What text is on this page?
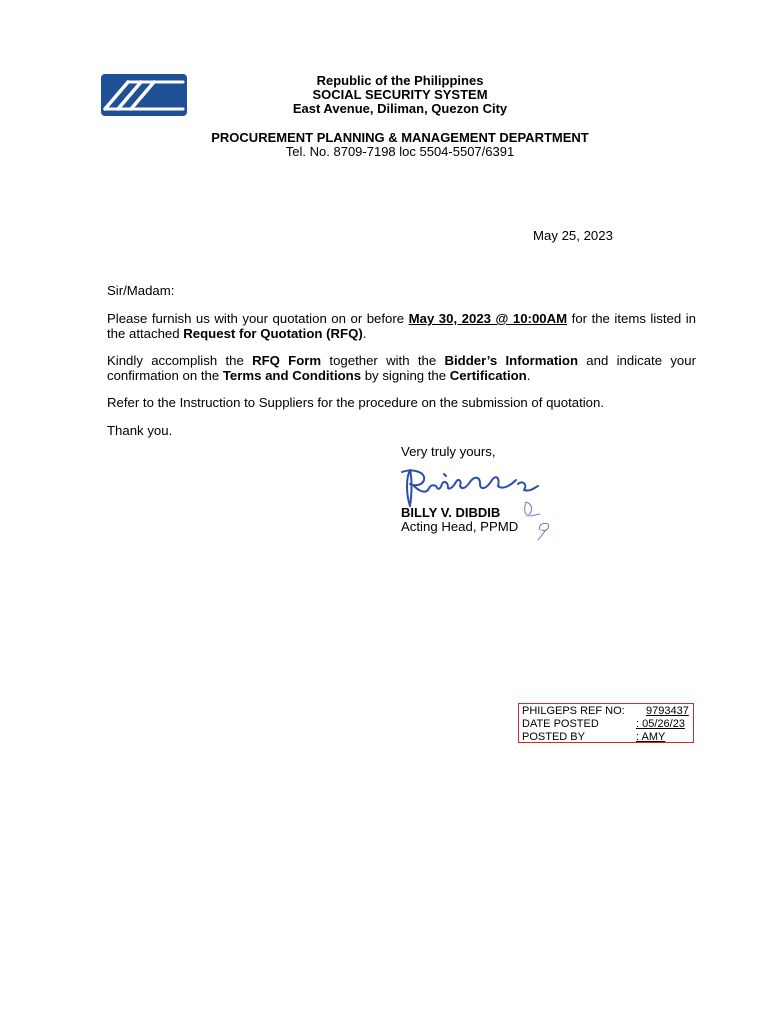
Republic of the Philippines
SOCIAL SECURITY SYSTEM
East Avenue, Diliman, Quezon City
PROCUREMENT PLANNING & MANAGEMENT DEPARTMENT
Tel. No. 8709-7198 loc 5504-5507/6391
May 25, 2023
Sir/Madam:
Please furnish us with your quotation on or before May 30, 2023 @ 10:00AM for the items listed in the attached Request for Quotation (RFQ).
Kindly accomplish the RFQ Form together with the Bidder’s Information and indicate your confirmation on the Terms and Conditions by signing the Certification.
Refer to the Instruction to Suppliers for the procedure on the submission of quotation.
Thank you.
Very truly yours,
BILLY V. DIBDIB
Acting Head, PPMD
PHILGEPS REF NO: 9793437
DATE POSTED	: 05/26/23
POSTED BY	: AMY
